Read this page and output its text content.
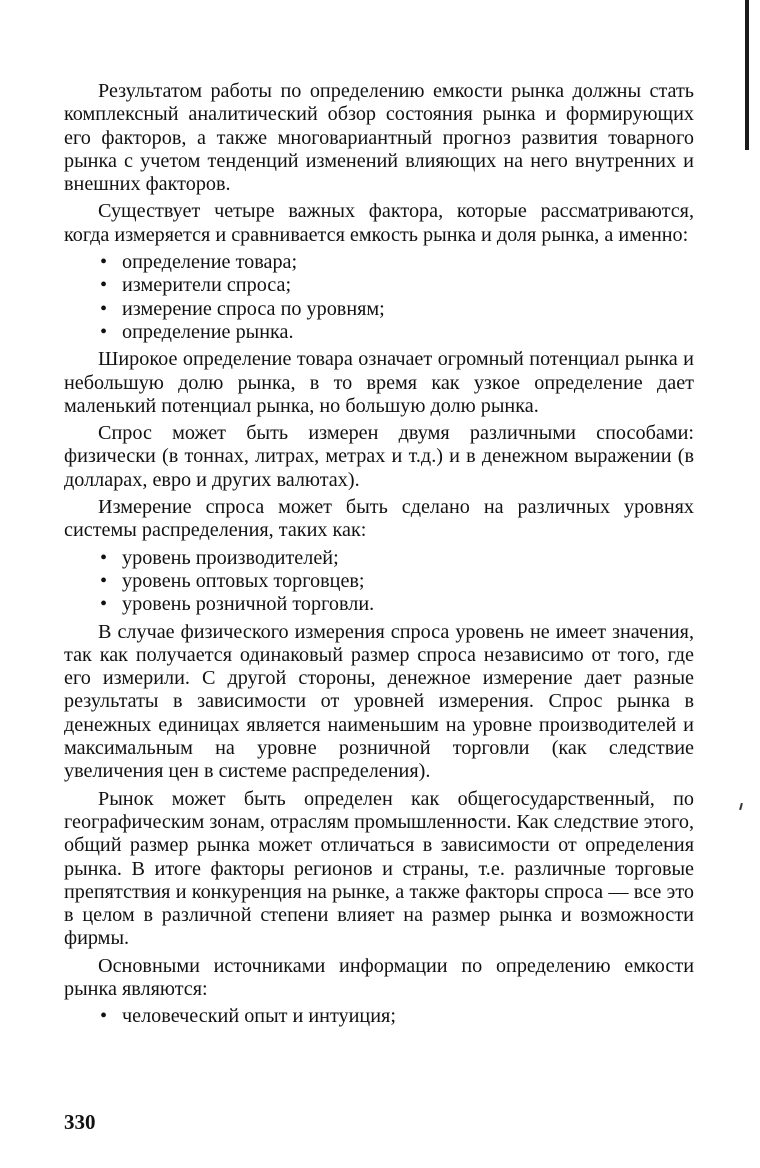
Результатом работы по определению емкости рынка должны стать комплексный аналитический обзор состояния рынка и формирующих его факторов, а также многовариантный прогноз развития товарного рынка с учетом тенденций изменений влияющих на него внутренних и внешних факторов.

Существует четыре важных фактора, которые рассматриваются, когда измеряется и сравнивается емкость рынка и доля рынка, а именно:

• определение товара;
• измерители спроса;
• измерение спроса по уровням;
• определение рынка.

Широкое определение товара означает огромный потенциал рынка и небольшую долю рынка, в то время как узкое определение дает маленький потенциал рынка, но большую долю рынка.

Спрос может быть измерен двумя различными способами: физически (в тоннах, литрах, метрах и т.д.) и в денежном выражении (в долларах, евро и других валютах).

Измерение спроса может быть сделано на различных уровнях системы распределения, таких как:

• уровень производителей;
• уровень оптовых торговцев;
• уровень розничной торговли.

В случае физического измерения спроса уровень не имеет значения, так как получается одинаковый размер спроса независимо от того, где его измерили. С другой стороны, денежное измерение дает разные результаты в зависимости от уровней измерения. Спрос рынка в денежных единицах является наименьшим на уровне производителей и максимальным на уровне розничной торговли (как следствие увеличения цен в системе распределения).

Рынок может быть определен как общегосударственный, по географическим зонам, отраслям промышленности. Как следствие этого, общий размер рынка может отличаться в зависимости от определения рынка. В итоге факторы регионов и страны, т.е. различные торговые препятствия и конкуренция на рынке, а также факторы спроса — все это в целом в различной степени влияет на размер рынка и возможности фирмы.

Основными источниками информации по определению емкости рынка являются:

• человеческий опыт и интуиция;
330
